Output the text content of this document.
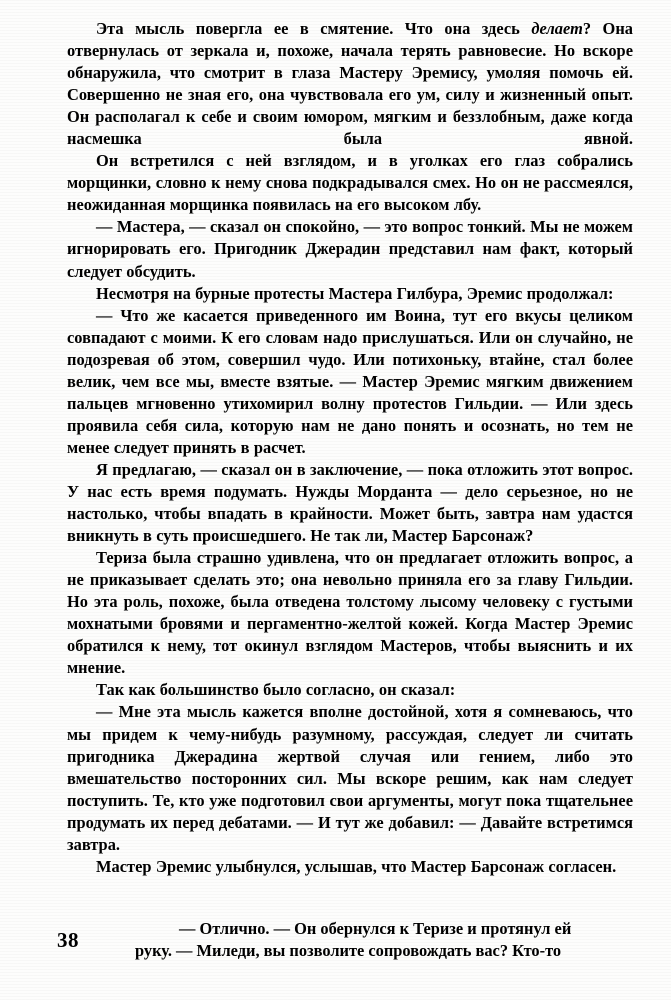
Эта мысль повергла ее в смятение. Что она здесь делает? Она отвернулась от зеркала и, похоже, начала терять равновесие. Но вскоре обнаружила, что смотрит в глаза Мастеру Эремису, умоляя помочь ей. Совершенно не зная его, она чувствовала его ум, силу и жизненный опыт. Он располагал к себе и своим юмором, мягким и беззлобным, даже когда насмешка была явной.

Он встретился с ней взглядом, и в уголках его глаз собрались морщинки, словно к нему снова подкрадывался смех. Но он не рассмеялся, неожиданная морщинка появилась на его высоком лбу.

— Мастера, — сказал он спокойно, — это вопрос тонкий. Мы не можем игнорировать его. Пригодник Джерадин представил нам факт, который следует обсудить.

Несмотря на бурные протесты Мастера Гилбура, Эремис продолжал:

— Что же касается приведенного им Воина, тут его вкусы целиком совпадают с моими. К его словам надо прислушаться. Или он случайно, не подозревая об этом, совершил чудо. Или потихоньку, втайне, стал более велик, чем все мы, вместе взятые. — Мастер Эремис мягким движением пальцев мгновенно утихомирил волну протестов Гильдии. — Или здесь проявила себя сила, которую нам не дано понять и осознать, но тем не менее следует принять в расчет.

Я предлагаю, — сказал он в заключение, — пока отложить этот вопрос. У нас есть время подумать. Нужды Морданта — дело серьезное, но не настолько, чтобы впадать в крайности. Может быть, завтра нам удастся вникнуть в суть происшедшего. Не так ли, Мастер Барсонаж?

Териза была страшно удивлена, что он предлагает отложить вопрос, а не приказывает сделать это; она невольно приняла его за главу Гильдии. Но эта роль, похоже, была отведена толстому лысому человеку с густыми мохнатыми бровями и пергаментно-желтой кожей. Когда Мастер Эремис обратился к нему, тот окинул взглядом Мастеров, чтобы выяснить и их мнение.

Так как большинство было согласно, он сказал:

— Мне эта мысль кажется вполне достойной, хотя я сомневаюсь, что мы придем к чему-нибудь разумному, рассуждая, следует ли считать пригодника Джерадина жертвой случая или гением, либо это вмешательство посторонних сил. Мы вскоре решим, как нам следует поступить. Те, кто уже подготовил свои аргументы, могут пока тщательнее продумать их перед дебатами. — И тут же добавил: — Давайте встретимся завтра.

Мастер Эремис улыбнулся, услышав, что Мастер Барсонаж согласен.

— Отлично. — Он обернулся к Теризе и протянул ей

руку. — Миледи, вы позволите сопровождать вас? Кто-то

38
